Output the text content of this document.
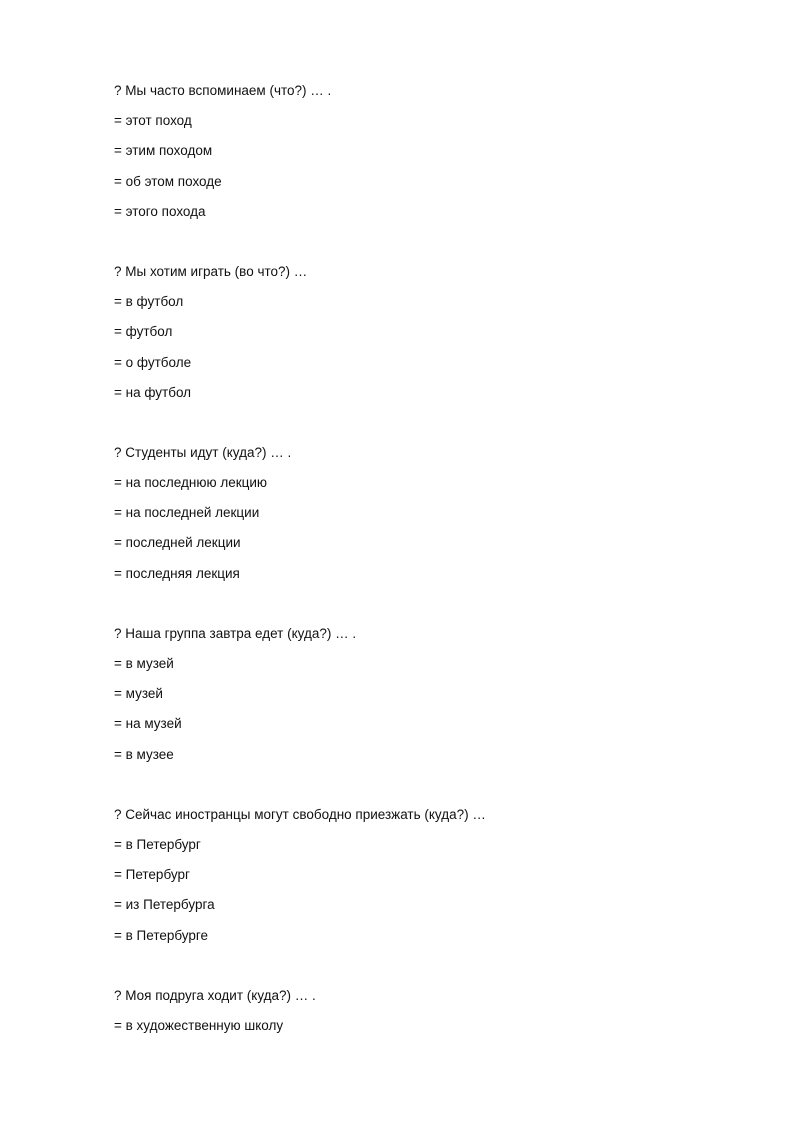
? Мы часто вспоминаем (что?) … .
= этот поход
= этим походом
= об этом походе
= этого похода
? Мы хотим играть (во что?) …
= в футбол
= футбол
= о футболе
= на футбол
? Студенты идут (куда?) … .
= на последнюю лекцию
= на последней лекции
= последней лекции
= последняя лекция
? Наша группа завтра едет (куда?) … .
= в музей
= музей
= на музей
= в музее
? Сейчас иностранцы могут свободно приезжать (куда?) …
= в Петербург
= Петербург
= из Петербурга
= в Петербурге
? Моя подруга ходит (куда?) … .
= в художественную школу
